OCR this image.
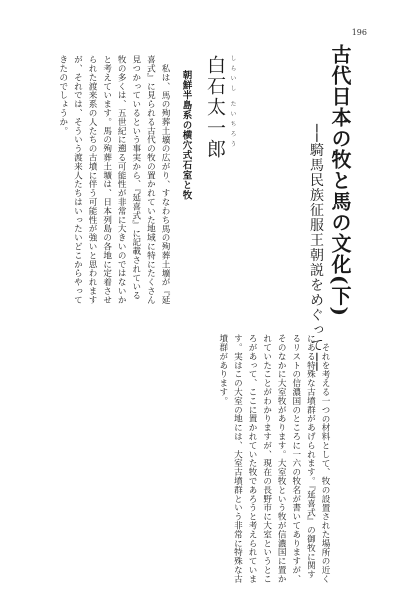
196
古代日本の牧と馬の文化(下)
──騎馬民族征服王朝説をめぐって──
しらいし たいちろう
白石太一郎
朝鮮半島系の横穴式石室と牧

私は、馬の殉葬土壙の広がり、すなわち馬の殉葬土壙が『延喜式』に見られる古代の牧の置かれていた地域に特にたくさん見つかっているという事実から、『延喜式』に記載されている牧の多くは、五世紀に遡る可能性が非常に大きいのではないかと考えています。馬の殉葬土壙は、日本列島の各地に定着させられた渡来系の人たちの古墳に伴う可能性が強いと思われますが、それでは、そういう渡来人たちはいったいどこからやってきたのでしょうか。

それを考える一つの材料として、牧の設置された場所の近くにある特殊な古墳群があげられます。『延喜式』の御牧に関するリストの信濃国のところに一六の牧名が書いてありますが、そのなかに大室牧があります。大室牧という牧が信濃国に置かれていたことがわかりますが、現在の長野市に大室というところがあって、ここに置かれていた牧であろうと考えられています。実はこの大室の地には、大室古墳群という非常に特殊な古墳群があります。
